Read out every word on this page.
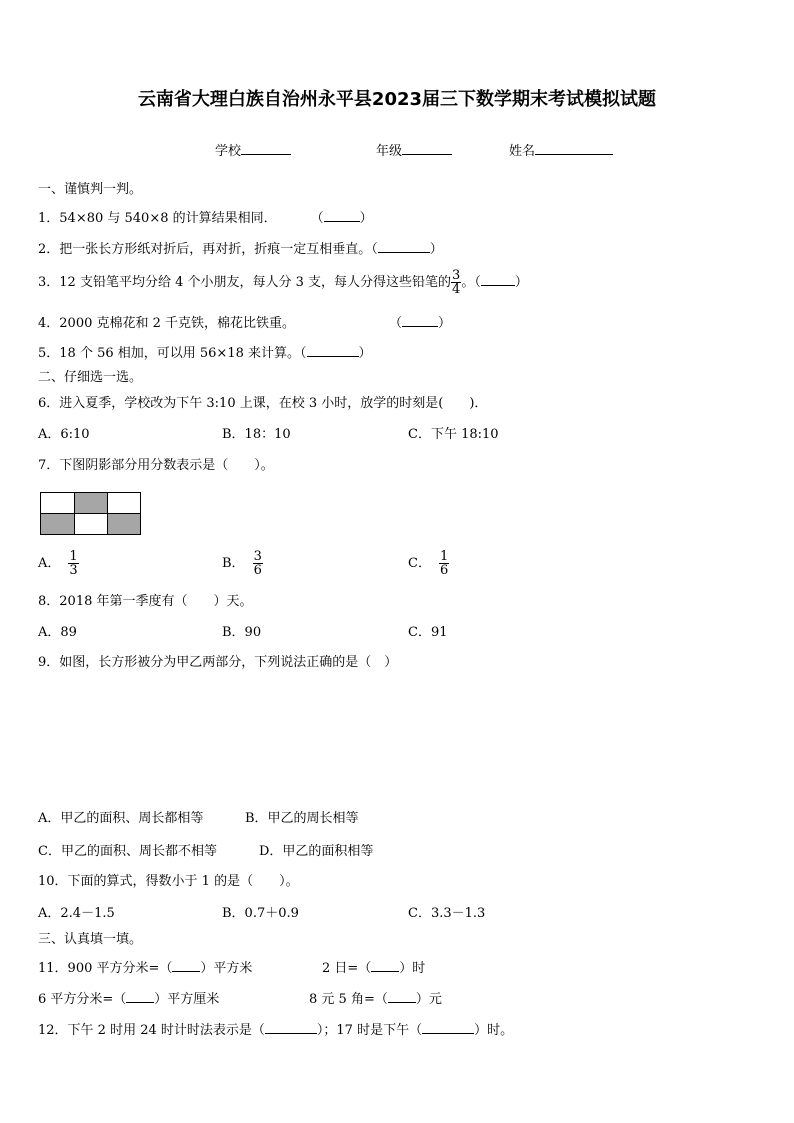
云南省大理白族自治州永平县2023届三下数学期末考试模拟试题
学校	年级	姓名
一、谨慎判一判。
1．54×80 与 540×8 的计算结果相同．	（	）
2．把一张长方形纸对折后，再对折，折痕一定互相垂直。（	）
3．12 支铅笔平均分给 4 个小朋友，每人分 3 支，每人分得这些铅笔的 $\frac{3}{4}$ 。（	）
4．2000 克棉花和 2 千克铁，棉花比铁重。	（	）
5．18 个 56 相加，可以用 56×18 来计算。（	）
二、仔细选一选。
6．进入夏季，学校改为下午 3:10 上课，在校 3 小时，放学的时刻是(　　)．
A．6:10	B．18：10	C．下午 18:10
7．下图阴影部分用分数表示是（　　）。
A． $\frac{1}{3}$	B． $\frac{3}{6}$	C． $\frac{1}{6}$
8．2018 年第一季度有（　　）天。
A．89	B．90	C．91
9．如图，长方形被分为甲乙两部分，下列说法正确的是（　）
A．甲乙的面积、周长都相等	B．甲乙的周长相等
C．甲乙的面积、周长都不相等	D．甲乙的面积相等
10．下面的算式，得数小于 1 的是（　　）。
A．2.4－1.5	B．0.7＋0.9	C．3.3－1.3
三、认真填一填。
11．900 平方分米=（ ）平方米	2 日=（ ）时
6 平方分米=（ ）平方厘米	8 元 5 角=（ ）元
12．下午 2 时用 24 时计时法表示是（	）；17 时是下午（	）时。
